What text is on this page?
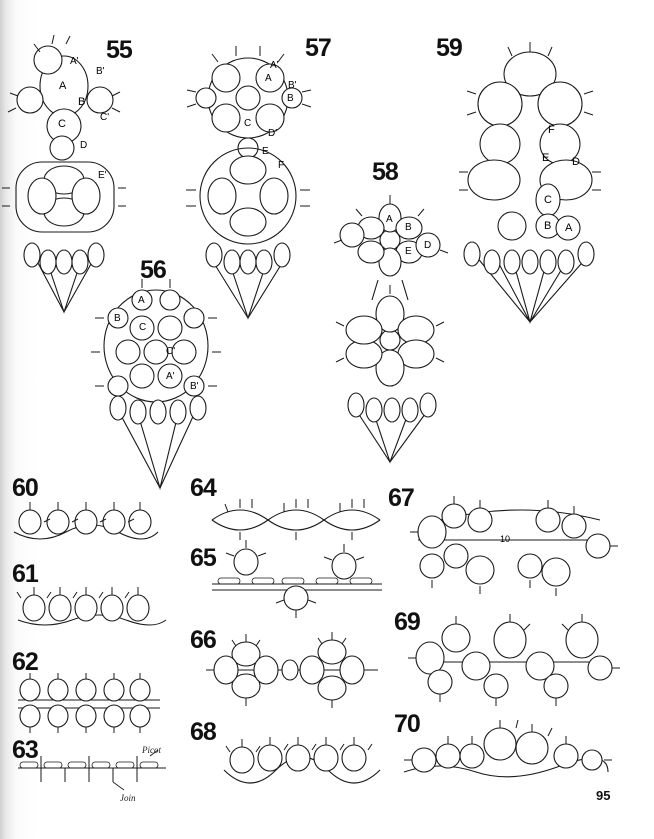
55
56
57
58
59
60
61
62
63
64
65
66
67
68
69
70
A'
A
B'
B
C
C'
D
E'
A
B
C
C'
A'
B'
A'
A
B'
B
C
D'
E
F
A
B
E
D
F
E D
C
B A
Picot
Join
10
95
